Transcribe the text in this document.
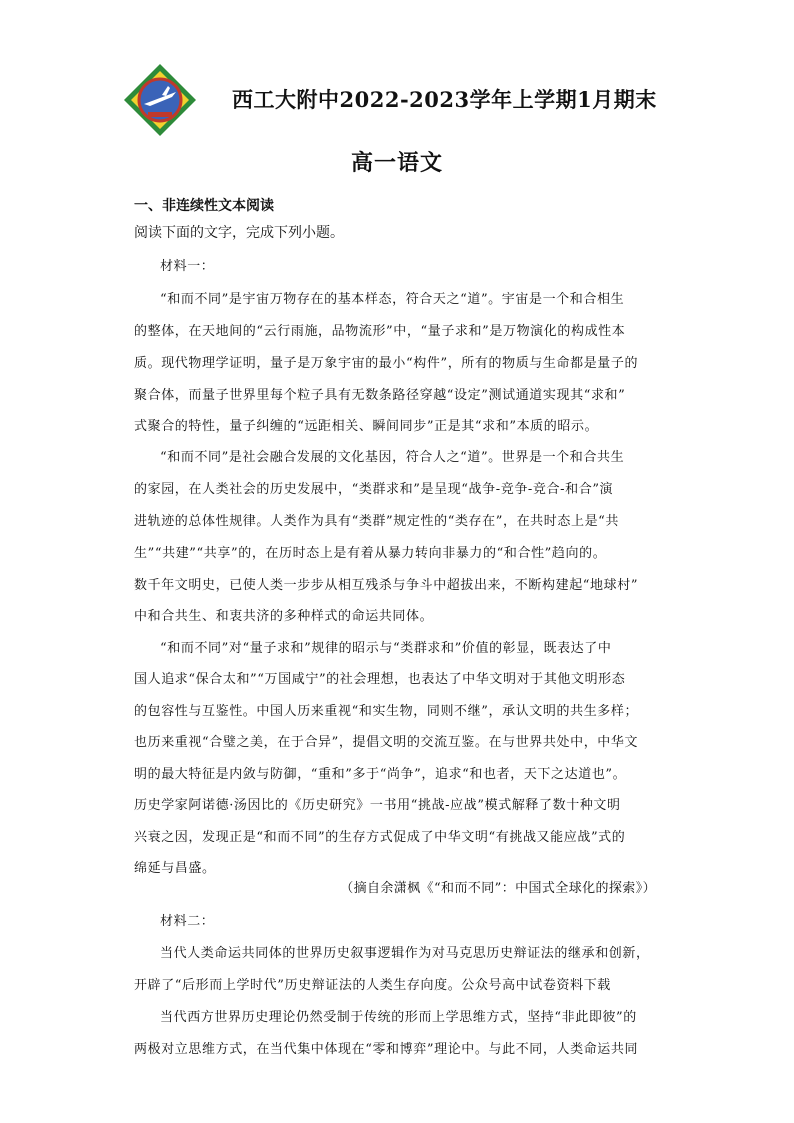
西工大附中2022-2023学年上学期1月期末
高一语文
一、非连续性文本阅读
阅读下面的文字，完成下列小题。
材料一：
“和而不同”是宇宙万物存在的基本样态，符合天之“道”。宇宙是一个和合相生
的整体，在天地间的“云行雨施，品物流形”中，“量子求和”是万物演化的构成性本
质。现代物理学证明，量子是万象宇宙的最小“构件”，所有的物质与生命都是量子的
聚合体，而量子世界里每个粒子具有无数条路径穿越“设定”测试通道实现其“求和”
式聚合的特性，量子纠缠的“远距相关、瞬间同步”正是其“求和”本质的昭示。
“和而不同”是社会融合发展的文化基因，符合人之“道”。世界是一个和合共生
的家园，在人类社会的历史发展中，“类群求和”是呈现“战争-竞争-竞合-和合”演
进轨迹的总体性规律。人类作为具有“类群”规定性的“类存在”，在共时态上是“共
生”“共建”“共享”的，在历时态上是有着从暴力转向非暴力的“和合性”趋向的。
数千年文明史，已使人类一步步从相互残杀与争斗中超拔出来，不断构建起“地球村”
中和合共生、和衷共济的多种样式的命运共同体。
“和而不同”对“量子求和”规律的昭示与“类群求和”价值的彰显，既表达了中
国人追求“保合太和”“万国咸宁”的社会理想，也表达了中华文明对于其他文明形态
的包容性与互鉴性。中国人历来重视“和实生物，同则不继”，承认文明的共生多样；
也历来重视“合璧之美，在于合异”，提倡文明的交流互鉴。在与世界共处中，中华文
明的最大特征是内敛与防御，“重和”多于“尚争”，追求“和也者，天下之达道也”。
历史学家阿诺德·汤因比的《历史研究》一书用“挑战-应战”模式解释了数十种文明
兴衰之因，发现正是“和而不同”的生存方式促成了中华文明“有挑战又能应战”式的
绵延与昌盛。
（摘自余潇枫《“和而不同”：中国式全球化的探索》）
材料二：
当代人类命运共同体的世界历史叙事逻辑作为对马克思历史辩证法的继承和创新，
开辟了“后形而上学时代”历史辩证法的人类生存向度。公众号高中试卷资料下载
当代西方世界历史理论仍然受制于传统的形而上学思维方式，坚持“非此即彼”的
两极对立思维方式，在当代集中体现在“零和博弈”理论中。与此不同，人类命运共同
